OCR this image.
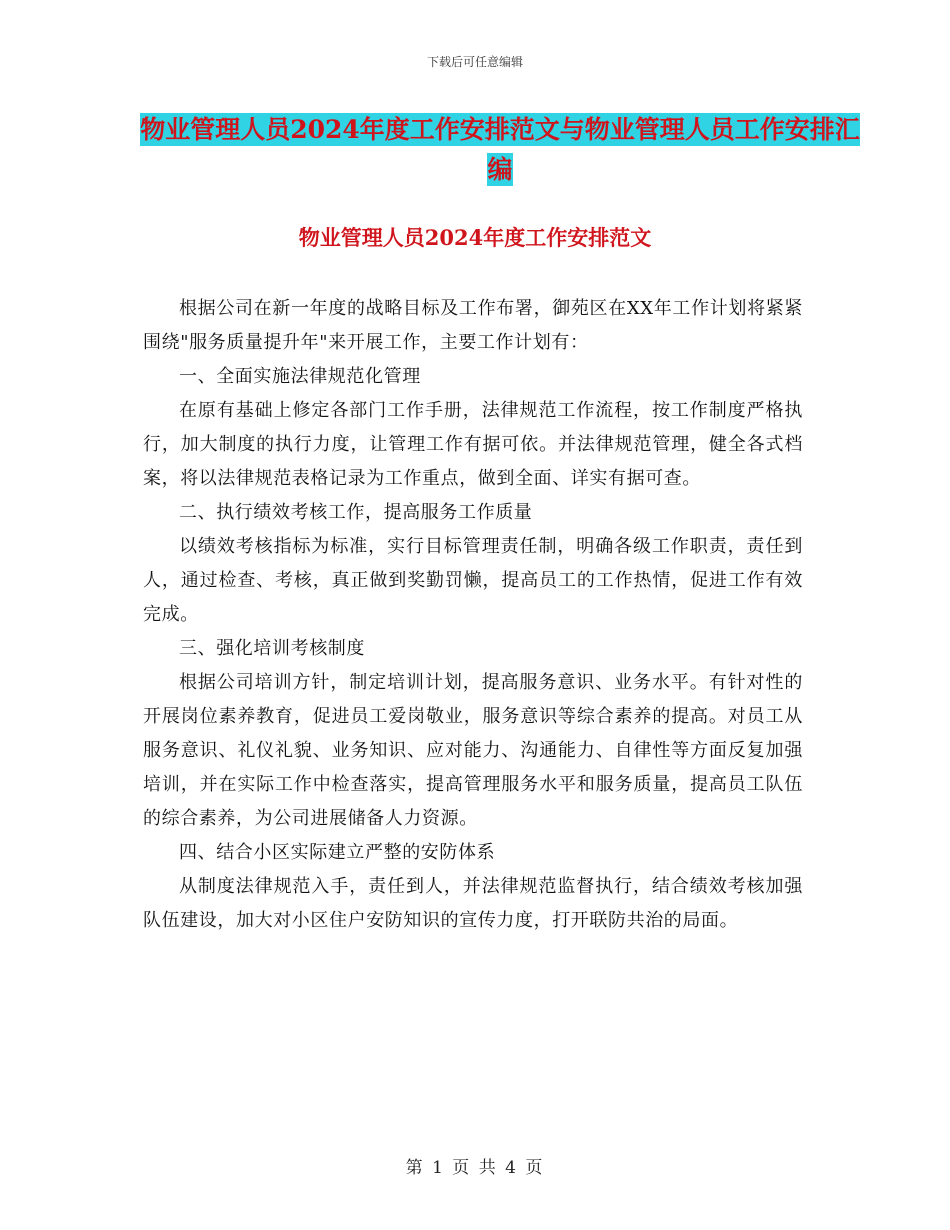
下载后可任意编辑
物业管理人员2024年度工作安排范文与物业管理人员工作安排汇编
物业管理人员2024年度工作安排范文

根据公司在新一年度的战略目标及工作布署，御苑区在XX年工作计划将紧紧围绕"服务质量提升年"来开展工作，主要工作计划有：

一、全面实施法律规范化管理

在原有基础上修定各部门工作手册，法律规范工作流程，按工作制度严格执行，加大制度的执行力度，让管理工作有据可依。并法律规范管理，健全各式档案，将以法律规范表格记录为工作重点，做到全面、详实有据可查。

二、执行绩效考核工作，提高服务工作质量

以绩效考核指标为标准，实行目标管理责任制，明确各级工作职责，责任到人，通过检查、考核，真正做到奖勤罚懒，提高员工的工作热情，促进工作有效完成。

三、强化培训考核制度

根据公司培训方针，制定培训计划，提高服务意识、业务水平。有针对性的开展岗位素养教育，促进员工爱岗敬业，服务意识等综合素养的提高。对员工从服务意识、礼仪礼貌、业务知识、应对能力、沟通能力、自律性等方面反复加强培训，并在实际工作中检查落实，提高管理服务水平和服务质量，提高员工队伍的综合素养，为公司进展储备人力资源。

四、结合小区实际建立严整的安防体系

从制度法律规范入手，责任到人，并法律规范监督执行，结合绩效考核加强队伍建设，加大对小区住户安防知识的宣传力度，打开联防共治的局面。

第 1 页 共 4 页
